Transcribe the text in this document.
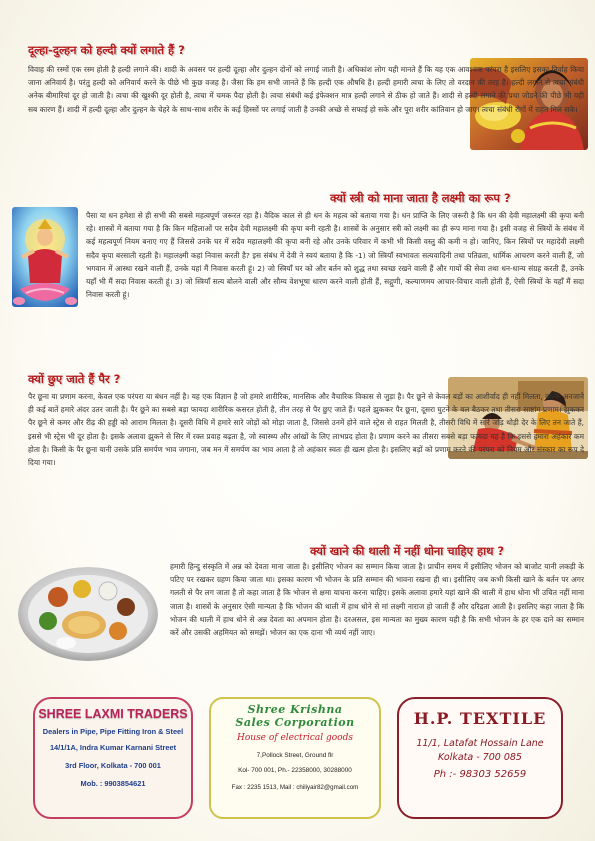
दूल्हा-दुल्हन को हल्दी क्यों लगाते हैं ?
विवाह की रस्मों एक रस्म होती है हल्दी लगाने की। शादी के अवसर पर हल्दी दूल्हा और दुल्हन दोनों को लगाई जाती है। अधिकांश लोग यही मानते हैं कि यह एक आवश्यक परंपरा है इसलिए इसका निर्वाह किया जाना अनिवार्य है। परंतु हल्दी को अनिवार्य करने के पीछे भी कुछ वजह है। जैसा कि हम सभी जानते हैं कि हल्दी एक औषधि है। हल्दी हमारी त्वचा के लिए तो वरदान की तरह है। हल्दी लगाने से त्वचा संबंधी अनेक बीमारियां दूर हो जाती है। त्वचा की खुश्की दूर होती है, त्वचा में चमक पैदा होती है। त्वचा संबंधी कई इंफेक्शन मात्र हल्दी लगाने से ठीक हो जाते हैं। शादी से हल्दी लगाने की प्रथा जोडने की पीछे भी यही सब कारण हैं। शादी में हल्दी दूल्हा और दुल्हन के चेहरे के साथ-साथ शरीर के कई हिस्सों पर लगाई जाती है उनकी अच्छे से सफाई हो सके और पूरा शरीर कांतिवान हो जाए। त्वचा संबंधी रोगों में राहत मिल सके।
क्यों स्त्री को माना जाता है लक्ष्मी का रूप ?
पैसा या धन हमेशा से ही सभी की सबसे महत्वपूर्ण जरूरत रहा है। वैदिक काल से ही धन के महत्व को बताया गया है। धन प्राप्ति के लिए जरूरी है कि धन की देवी महालक्ष्मी की कृपा बनी रहे। शास्त्रों में बताया गया है कि किन महिलाओं पर सदैव देवी महालक्ष्मी की कृपा बनी रहती है। शास्त्रों के अनुसार स्त्री को लक्ष्मी का ही रूप माना गया है। इसी वजह से स्त्रियों के संबंध में कई महत्वपूर्ण नियम बनाए गए हैं जिससे उनके घर में सदैव महालक्ष्मी की कृपा बनी रहे और उनके परिवार में कभी भी किसी वस्तु की कमी न हो। जानिए, किन स्त्रियों पर महादेवी लक्ष्मी सदैव कृपा बरसाती रहती है। महालक्ष्मी कहां निवास करती है? इस संबंध में देवी ने स्वयं बताया है कि -1) जो स्त्रियाँ स्वभावतः सत्यवादिनी तथा पतिव्रता, धार्मिक आचरण करने वाली हैं, जो भगवान में आस्था रखने वाली हैं, उनके यहां मैं निवास करती हूं। 2) जो स्त्रियाँ घर को और बर्तन को शुद्ध तथा स्वच्छ रखने वाली हैं और गायों की सेवा तथा धन-धान्य संग्रह करती हैं, उनके यहाँ भी मैं सदा निवास करती हूं। 3) जो स्त्रियाँ सत्य बोलने वाली और सौम्य वेशभूषा धारण करने वाली होती हैं, सद्गुणी, कल्याणमय आचार-विचार वाली होती हैं, ऐसी स्त्रियों के यहाँ मैं सदा निवास करती हूं।
क्यों छुए जाते हैं पैर ?
पैर छूना या प्रणाम करना, केवल एक परंपरा या बंधन नहीं है। यह एक विज्ञान है जो हमारे शारीरिक, मानसिक और वैचारिक विकास से जुड़ा है। पैर छूने से केवल बड़ों का आशीर्वाद ही नहीं मिलता, बल्कि अनजाने ही कई बातें हमारे अंदर उतर जाती है। पैर छूने का सबसे बड़ा फायदा शारीरिक कसरत होती है, तीन तरह से पैर छुए जाते हैं। पहले झुककर पैर छूना, दूसरा घुटने के बल बैठकर तथा तीसरा साष्टांग प्रणाम। झुककर पैर छूने से कमर और रीढ़ की हड्डी को आराम मिलता है। दूसरी विधि में हमारे सारे जोड़ों को मोड़ा जाता है, जिससे उनमें होने वाले स्ट्रेस से राहत मिलती है, तीसरी विधि में सारे जोड़ थोड़ी देर के लिए तन जाते हैं, इससे भी स्ट्रेस भी दूर होता है। इसके अलावा झुकने से सिर में रक्त प्रवाह बढ़ता है, जो स्वास्थ्य और आंखों के लिए लाभप्रद होता है। प्रणाम करने का तीसरा सबसे बड़ा फायदा यह है कि इससे हमारा अहंकार कम होता है। किसी के पैर छूना यानी उसके प्रति समर्पण भाव जगाना, जब मन में समर्पण का भाव आता है तो अहंकार स्वतः ही खत्म होता है। इसलिए बड़ों को प्रणाम करने की परंपरा को नियम और संस्कार का रूप दे दिया गया।
क्यों खाने की थाली में नहीं धोना चाहिए हाथ ?
हमारी हिन्दु संस्कृति में अन्न को देवता माना जाता है। इसीलिए भोजन का सम्मान किया जाता है। प्राचीन समय में इसीलिए भोजन को बाजोट यानी लकड़ी के पटिए पर रखकर ग्रहण किया जाता था। इसका कारण भी भोजन के प्रति सम्मान की भावना रखना ही था। इसीलिए जब कभी किसी खाने के बर्तन पर अगर गलती से पैर लग जाता है तो कहा जाता है कि भोजन से क्षमा याचना करना चाहिए। इसके अलावा हमारे यहां खाने की थाली में हाथ धोना भी उचित नहीं माना जाता है। शास्त्रों के अनुसार ऐसी मान्यता है कि भोजन की थाली में हाथ धोने से मां लक्ष्मी नाराज हो जाती हैं और दरिद्रता आती है। इसलिए कहा जाता है कि भोजन की थाली में हाथ धोने से अन्न देवता का अपमान होता है। दरअसल, इस मान्यता का मुख्य कारण यही है कि सभी भोजन के हर एक दाने का सम्मान करें और उसकी अहमियत को समझें। भोजन का एक दाना भी व्यर्थ नहीं जाए।
SHREE LAXMI TRADERS
Dealers in Pipe, Pipe Fitting Iron & Steel
14/1/1A, Indra Kumar Karnani Street
3rd Floor, Kolkata - 700 001
Mob. : 9903854621
Shree Krishna
Sales Corporation
House of electrical goods
7,Pollock Street, Ground flr
Kol- 700 001, Ph.- 22358000, 30288000
Fax : 2235 1513, Mail : chiliyair82@gmail.com
H.P. TEXTILE
11/1, Latafat Hossain Lane
Kolkata - 700 085
Ph :- 98303 52659
